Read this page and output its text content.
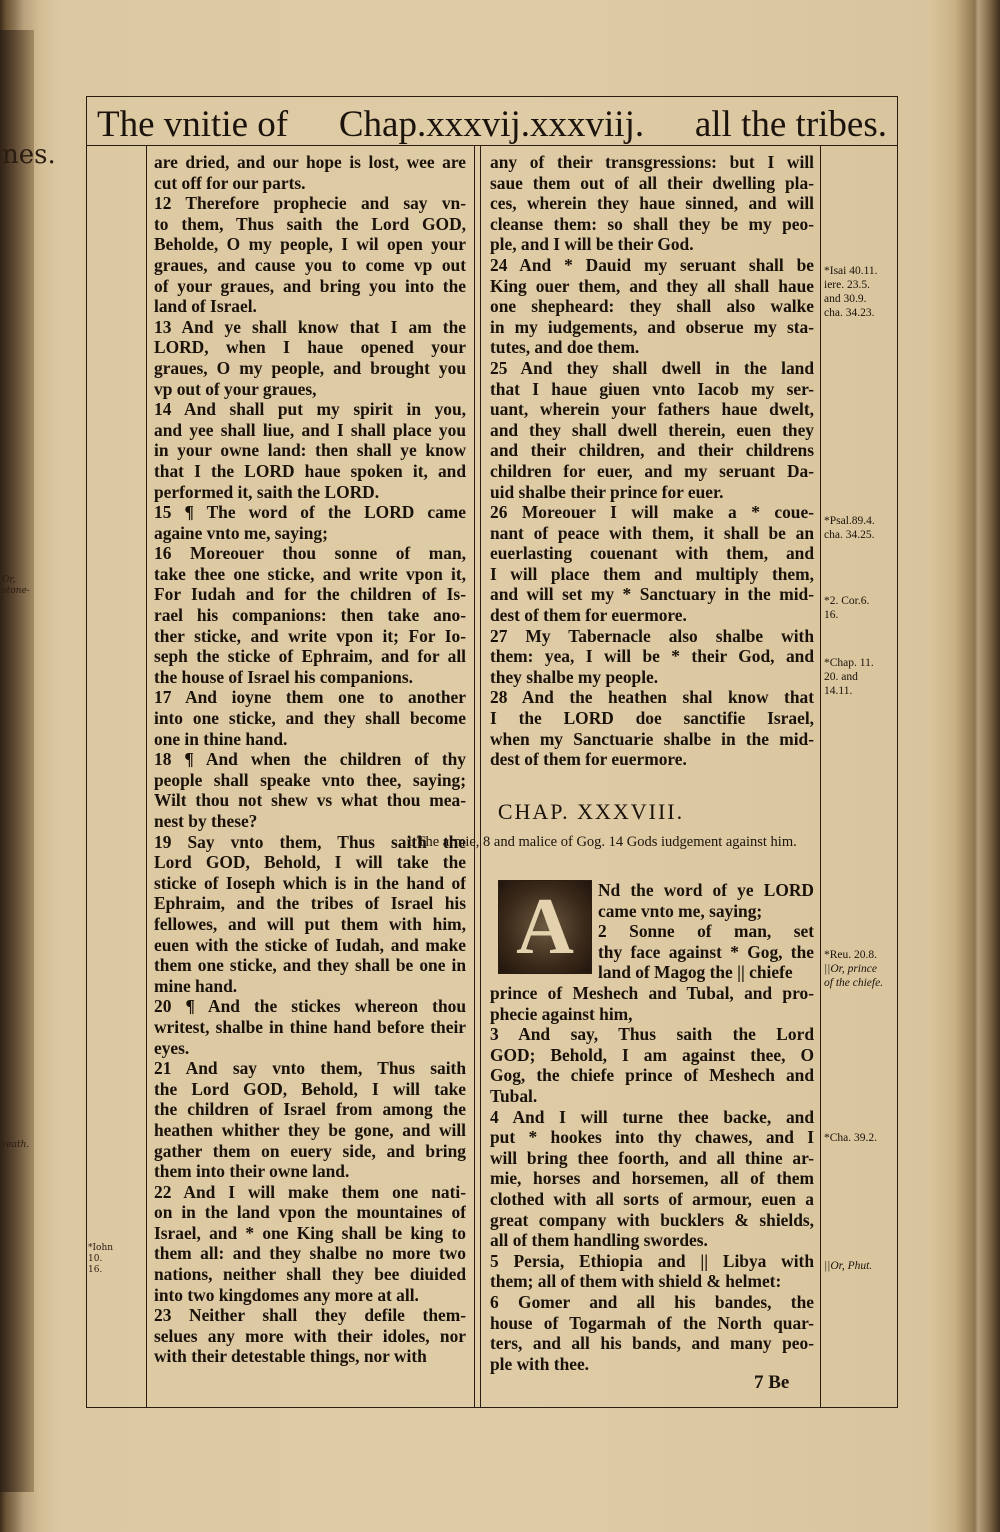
nes.
Or, stone-
reath.
*Iohn 10. 16.
The vnitie of Chap.xxxvij.xxxviij. all the tribes.
are dried, and our hope is lost, wee are
cut off for our parts.
12 Therefore prophecie and say vn-
to them, Thus saith the Lord GOD,
Beholde, O my people, I wil open your
graues, and cause you to come vp out
of your graues, and bring you into the
land of Israel.
13 And ye shall know that I am the
LORD, when I haue opened your
graues, O my people, and brought you
vp out of your graues,
14 And shall put my spirit in you,
and yee shall liue, and I shall place you
in your owne land: then shall ye know
that I the LORD haue spoken it, and
performed it, saith the LORD.
15 ¶ The word of the LORD came
againe vnto me, saying;
16 Moreouer thou sonne of man,
take thee one sticke, and write vpon it,
For Iudah and for the children of Is-
rael his companions: then take ano-
ther sticke, and write vpon it; For Io-
seph the sticke of Ephraim, and for all
the house of Israel his companions.
17 And ioyne them one to another
into one sticke, and they shall become
one in thine hand.
18 ¶ And when the children of thy
people shall speake vnto thee, saying;
Wilt thou not shew vs what thou mea-
nest by these?
19 Say vnto them, Thus saith the
Lord GOD, Behold, I will take the
sticke of Ioseph which is in the hand of
Ephraim, and the tribes of Israel his
fellowes, and will put them with him,
euen with the sticke of Iudah, and make
them one sticke, and they shall be one in
mine hand.
20 ¶ And the stickes whereon thou
writest, shalbe in thine hand before their
eyes.
21 And say vnto them, Thus saith
the Lord GOD, Behold, I will take
the children of Israel from among the
heathen whither they be gone, and will
gather them on euery side, and bring
them into their owne land.
22 And I will make them one nati-
on in the land vpon the mountaines of
Israel, and * one King shall be king to
them all: and they shalbe no more two
nations, neither shall they bee diuided
into two kingdomes any more at all.
23 Neither shall they defile them-
selues any more with their idoles, nor
with their detestable things, nor with
any of their transgressions: but I will
saue them out of all their dwelling pla-
ces, wherein they haue sinned, and will
cleanse them: so shall they be my peo-
ple, and I will be their God.
24 And * Dauid my seruant shall be
King ouer them, and they all shall haue
one shepheard: they shall also walke
in my iudgements, and obserue my sta-
tutes, and doe them.
25 And they shall dwell in the land
that I haue giuen vnto Iacob my ser-
uant, wherein your fathers haue dwelt,
and they shall dwell therein, euen they
and their children, and their childrens
children for euer, and my seruant Da-
uid shalbe their prince for euer.
26 Moreouer I will make a * coue-
nant of peace with them, it shall be an
euerlasting couenant with them, and
I will place them and multiply them,
and will set my * Sanctuary in the mid-
dest of them for euermore.
27 My Tabernacle also shalbe with
them: yea, I will be * their God, and
they shalbe my people.
28 And the heathen shal know that
I the LORD doe sanctifie Israel,
when my Sanctuarie shalbe in the mid-
dest of them for euermore.
CHAP. XXXVIII.
1 The armie, 8 and malice of Gog. 14 Gods iudgement against him.
A	Nd the word of ye LORD
came vnto me, saying;
2 Sonne of man, set
thy face against * Gog, the
land of Magog the || chiefe
prince of Meshech and Tubal, and pro-
phecie against him,
3 And say, Thus saith the Lord
GOD; Behold, I am against thee, O
Gog, the chiefe prince of Meshech and
Tubal.
4 And I will turne thee backe, and
put * hookes into thy chawes, and I
will bring thee foorth, and all thine ar-
mie, horses and horsemen, all of them
clothed with all sorts of armour, euen a
great company with bucklers & shields,
all of them handling swordes.
5 Persia, Ethiopia and || Libya with
them; all of them with shield & helmet:
6 Gomer and all his bandes, the
house of Togarmah of the North quar-
ters, and all his bands, and many peo-
ple with thee.
*Isai 40.11.
iere. 23.5.
and 30.9.
cha. 34.23.
*Psal.89.4.
cha. 34.25.
*2. Cor.6.
16.
*Chap. 11.
20. and
14.11.
*Reu. 20.8.
||Or, prince
of the chiefe.
*Cha. 39.2.
||Or, Phut.
7 Be
